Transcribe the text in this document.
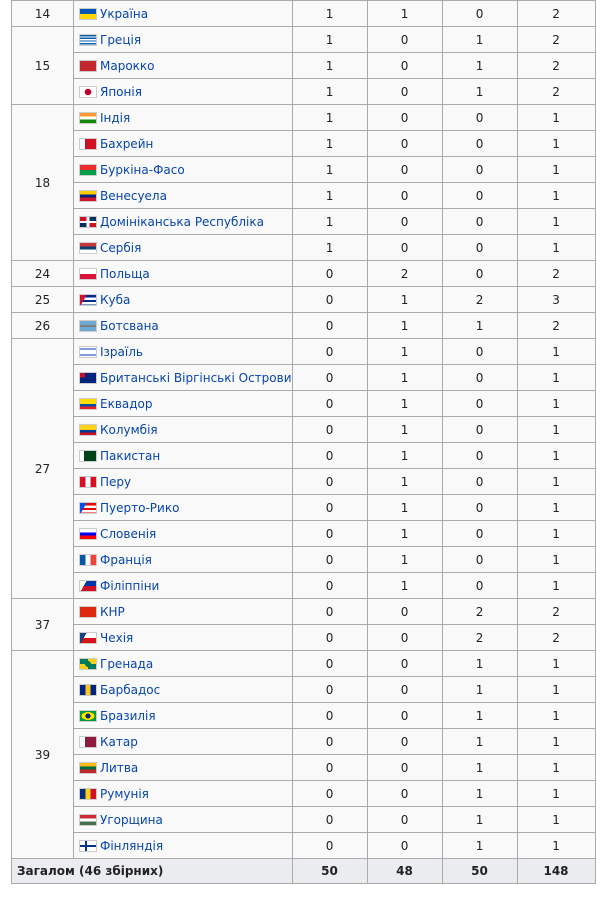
14	Україна	1	1	0	2
15	Греція	1	0	1	2
	Марокко	1	0	1	2
	Японія	1	0	1	2
18	Індія	1	0	0	1
	Бахрейн	1	0	0	1
	Буркіна-Фасо	1	0	0	1
	Венесуела	1	0	0	1
	Домініканська Республіка	1	0	0	1
	Сербія	1	0	0	1
24	Польща	0	2	0	2
25	Куба	0	1	2	3
26	Ботсвана	0	1	1	2
27	Ізраїль	0	1	0	1
	Британські Віргінські Острови	0	1	0	1
	Еквадор	0	1	0	1
	Колумбія	0	1	0	1
	Пакистан	0	1	0	1
	Перу	0	1	0	1
	Пуерто-Рико	0	1	0	1
	Словенія	0	1	0	1
	Франція	0	1	0	1
	Філіппіни	0	1	0	1
37	КНР	0	0	2	2
	Чехія	0	0	2	2
39	Гренада	0	0	1	1
	Барбадос	0	0	1	1
	Бразилія	0	0	1	1
	Катар	0	0	1	1
	Литва	0	0	1	1
	Румунія	0	0	1	1
	Угорщина	0	0	1	1
	Фінляндія	0	0	1	1
Загалом (46 збірних)		50	48	50	148
